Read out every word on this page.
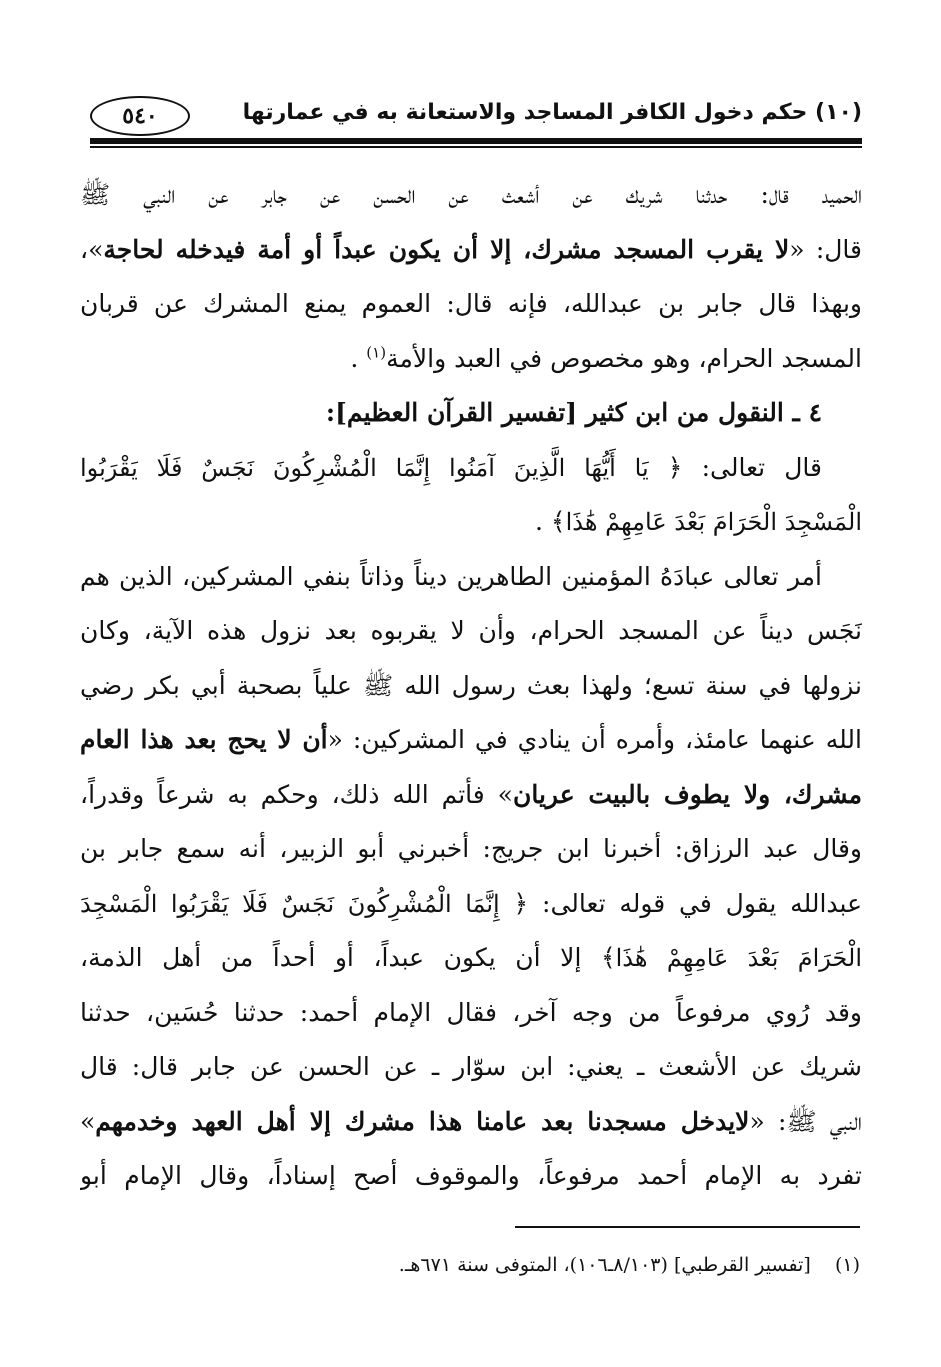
(١٠) حكم دخول الكافر المساجد والاستعانة به في عمارتها
٥٤٠
الحميد قال: حدثنا شريك عن أشعث عن الحسن عن جابر عن النبي ﷺ
قال: «لا يقرب المسجد مشرك، إلا أن يكون عبداً أو أمة فيدخله لحاجة»،
وبهذا قال جابر بن عبدالله، فإنه قال: العموم يمنع المشرك عن قربان
المسجد الحرام، وهو مخصوص في العبد والأمة$^{(١)}$ .
٤ ـ النقول من ابن كثير [تفسير القرآن العظيم]:
قال تعالى: ﴿ يَا أَيُّهَا الَّذِينَ آمَنُوا إِنَّمَا الْمُشْرِكُونَ نَجَسٌ فَلَا يَقْرَبُوا
الْمَسْجِدَ الْحَرَامَ بَعْدَ عَامِهِمْ هَٰذَا﴾ .
أمر تعالى عبادَهُ المؤمنين الطاهرين ديناً وذاتاً بنفي المشركين، الذين هم
نَجَس ديناً عن المسجد الحرام، وأن لا يقربوه بعد نزول هذه الآية، وكان
نزولها في سنة تسع؛ ولهذا بعث رسول الله ﷺ علياً بصحبة أبي بكر رضي
الله عنهما عامئذ، وأمره أن ينادي في المشركين: «أن لا يحج بعد هذا العام
مشرك، ولا يطوف بالبيت عريان» فأتم الله ذلك، وحكم به شرعاً وقدراً،
وقال عبد الرزاق: أخبرنا ابن جريج: أخبرني أبو الزبير، أنه سمع جابر بن
عبدالله يقول في قوله تعالى: ﴿ إِنَّمَا الْمُشْرِكُونَ نَجَسٌ فَلَا يَقْرَبُوا الْمَسْجِدَ
الْحَرَامَ بَعْدَ عَامِهِمْ هَٰذَا﴾ إلا أن يكون عبداً، أو أحداً من أهل الذمة،
وقد رُوي مرفوعاً من وجه آخر، فقال الإمام أحمد: حدثنا حُسَين، حدثنا
شريك عن الأشعث ـ يعني: ابن سوّار ـ عن الحسن عن جابر قال: قال
النبي ﷺ: «لايدخل مسجدنا بعد عامنا هذا مشرك إلا أهل العهد وخدمهم»
تفرد به الإمام أحمد مرفوعاً، والموقوف أصح إسناداً، وقال الإمام أبو
(١)    [تفسير القرطبي] (٨/١٠٣ـ١٠٦)، المتوفى سنة ٦٧١هـ.
